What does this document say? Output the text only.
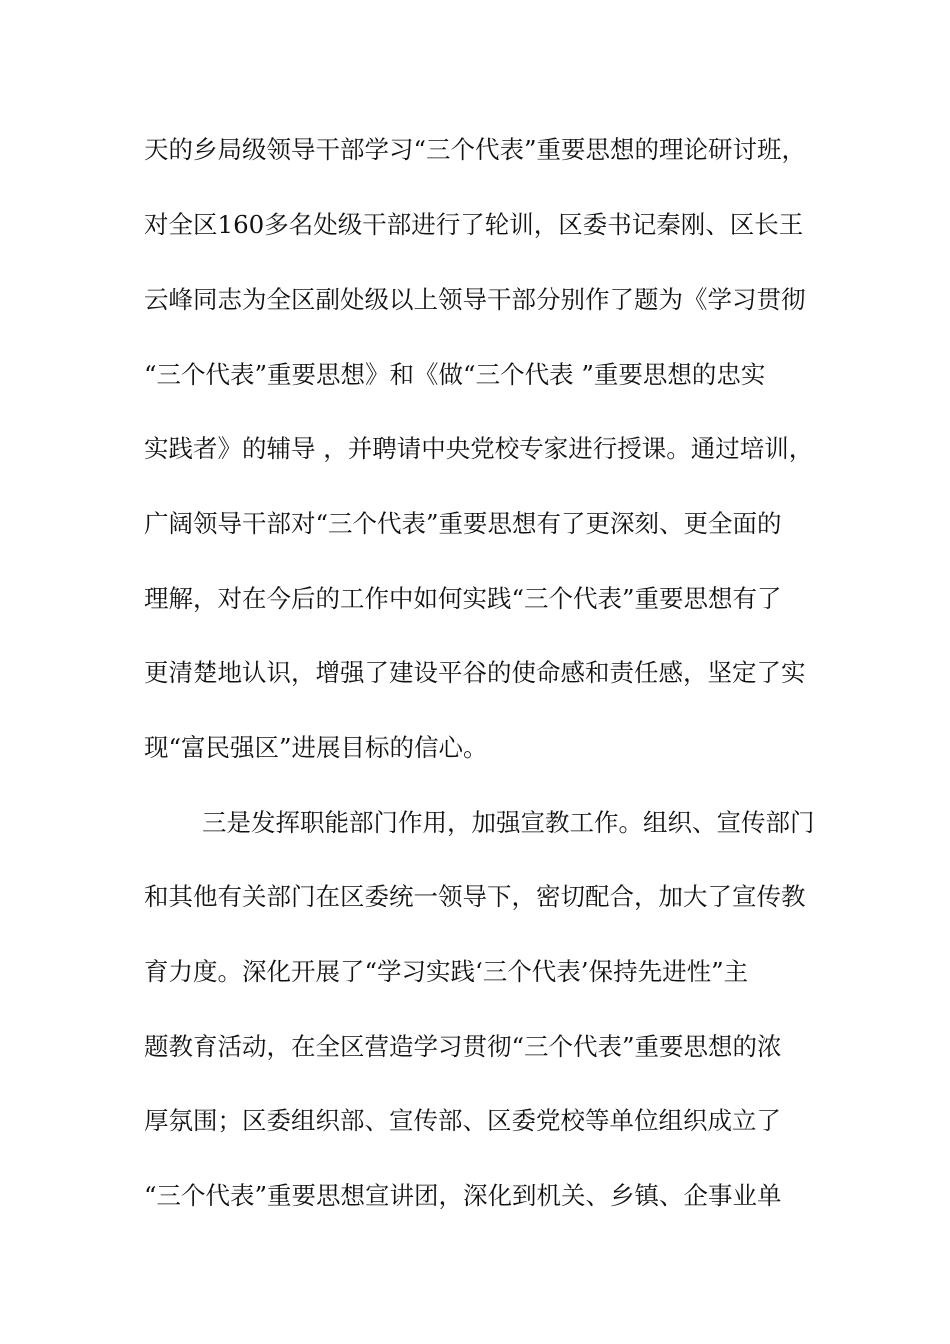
天的乡局级领导干部学习“三个代表”重要思想的理论研讨班，
对全区160多名处级干部进行了轮训，区委书记秦刚、区长王
云峰同志为全区副处级以上领导干部分别作了题为《学习贯彻
“三个代表”重要思想》和《做“三个代表 ”重要思想的忠实
实践者》的辅导 ，并聘请中央党校专家进行授课。通过培训，
广阔领导干部对“三个代表”重要思想有了更深刻、更全面的
理解，对在今后的工作中如何实践“三个代表”重要思想有了
更清楚地认识，增强了建设平谷的使命感和责任感，坚定了实
现“富民强区”进展目标的信心。
三是发挥职能部门作用，加强宣教工作。组织、宣传部门
和其他有关部门在区委统一领导下，密切配合，加大了宣传教
育力度。深化开展了“学习实践‘三个代表’保持先进性”主
题教育活动，在全区营造学习贯彻“三个代表”重要思想的浓
厚氛围；区委组织部、宣传部、区委党校等单位组织成立了
“三个代表”重要思想宣讲团，深化到机关、乡镇、企事业单
